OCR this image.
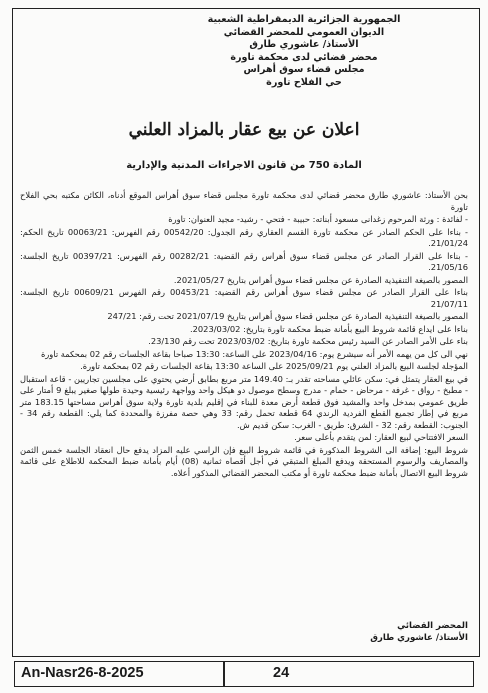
الجمهورية الجزائرية الديمقراطية الشعبية
الديوان العمومي للمحضر القضائي
الأستاذ/ عاشوري طارق
محضر قضائي لدى محكمة تاورة
مجلس قضاء سوق أهراس
حي الفلاح تاورة
اعلان عن بيع عقار بالمزاد العلني
المادة 750 من قانون الاجراءات المدنية والإدارية

بحن الأستاذ: عاشوري طارق محضر قضائي لدى محكمة تاورة مجلس قضاء سوق أهراس الموقع أدناه، الكائن مكتبه بحي الفلاح تاورة

- لفائدة : ورثة المرحوم زغدانى مسعود أبناته: حبيبة - فتحي - رشيد- مجيد العنوان: تاورة

- بناءا على الحكم الصادر عن محكمة تاورة القسم العقاري رقم الجدول: 00542/20 رقم الفهرس: 00063/21 تاريخ الحكم: 21/01/24.

- بناءا على القرار الصادر عن مجلس قضاء سوق أهراس رقم القضية: 00282/21 رقم الفهرس: 00397/21 تاريخ الجلسة: 21/05/16.

المصور بالصيغة التنفيذية الصادرة عن مجلس قضاء سوق أهراس بتاريخ 2021/05/27.

بناءا على القرار الصادر عن مجلس قضاء سوق أهراس رقم القضية: 00453/21 رقم الفهرس 00609/21 تاريخ الجلسة: 21/07/11

المصور بالصيغة التنفيذية الصادرة عن مجلس قضاء سوق أهراس بتاريخ 2021/07/19 تحت رقم: 247/21

بناءا على ايداع قائمة شروط البيع بأمانة ضبط محكمة تاورة بتاريخ: 2023/03/02.

بناء على الأمر الصادر عن السيد رئيس محكمة تاورة بتاريخ: 2023/03/02 تحت رقم 23/130.

نهي الى كل من يهمه الأمر أنه سيشرع يوم: 2023/04/16 على الساعة: 13:30 صباحا بقاعة الجلسات رقم 02 بمحكمة تاورة

المؤجلة لجلسة البيع بالمزاد العلني يوم 2025/09/21 على الساعة 13:30 بقاعة الجلسات رقم 02 بمحكمة تاورة.

في بيع العقار يتمثل في: سكن عائلي مساحته تقدر بـ: 149.40 متر مربع بطابق أرضي يحتوي على مجلسين تجاريين - قاعة استقبال - مطبخ - رواق - غرفة - مرحاض - حمام - مدرج وسطح موصول دو هيكل واحد وواجهة رئيسية وحيدة طولها صغير يبلغ 9 أمتار على طريق عمومي بمدخل واحد والمشيد فوق قطعة أرض معدة للبناء في إقليم بلدية تاورة ولاية سوق أهراس مساحتها 183.15 متر مربع في إطار تجميع القطع الفردية الرندي 64 قطعة تحمل رقم: 33 وهي حصة مفرزة والمحددة كما يلي: القطعة رقم 34 - الجنوب: القطعة رقم: 32 - الشرق: طريق - الغرب: سكن قديم ش.

السعر الافتتاحي لبيع العقار: لمن يتقدم بأعلى سعر.

شروط البيع: إضافة الى الشروط المذكورة في قائمة شروط البيع فإن الراسي عليه المزاد يدفع حال انعقاد الجلسة خمس الثمن والمصاريف والرسوم المستحقة ويدفع المبلغ المتبقي في أجل أقصاه ثمانية (08) أيام بأمانة ضبط المحكمة للاطلاع على قائمة شروط البيع الاتصال بأمانة ضبط محكمة تاورة أو مكتب المحضر القضائي المذكور أعلاه.

المحضر القضائي
الأستاذ/ عاشوري طارق
An-Nasr26-8-2025	24
